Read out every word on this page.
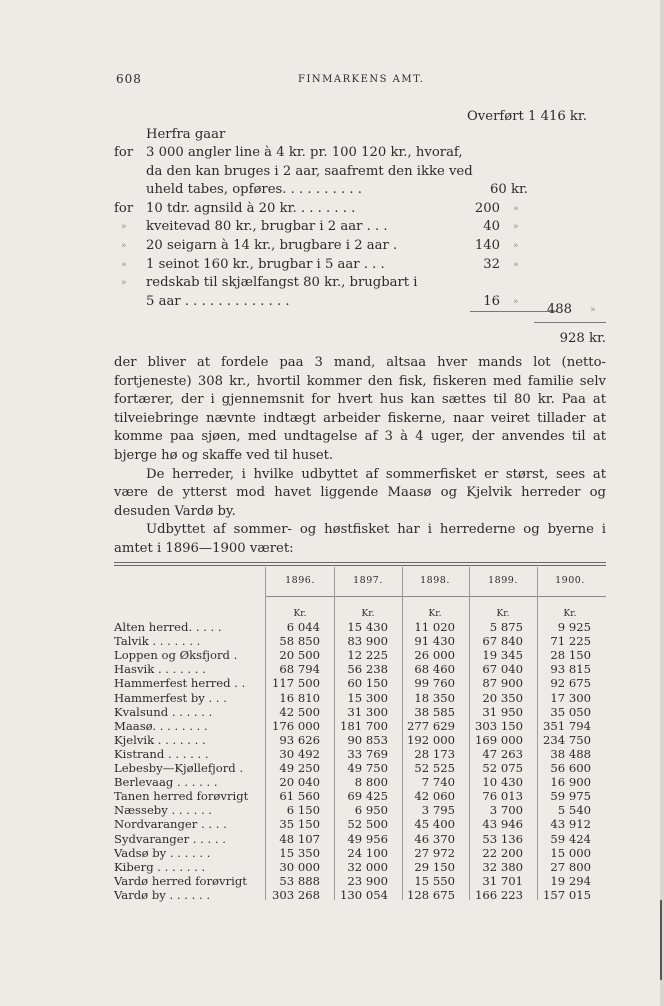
608	FINMARKENS AMT.
Overført 1 416 kr.
Herfra gaar
for 3 000 angler line à 4 kr. pr. 100 120 kr., hvoraf,
da den kan bruges i 2 aar, saafremt den ikke ved
uheld tabes, opføres. . . . . . . . . .	60 kr.
for 10 tdr. agnsild à 20 kr. . . . . . . .	200 »
» kveitevad 80 kr., brugbar i 2 aar . . .	40 »
» 20 seigarn à 14 kr., brugbare i 2 aar .	140 »
» 1 seinot 160 kr., brugbar i 5 aar . . .	32 »
» redskab til skjælfangst 80 kr., brugbart i
5 aar . . . . . . . . . . . . .	16 »
488 »
928 kr.

der bliver at fordele paa 3 mand, altsaa hver mands lot (netto-fortjeneste) 308 kr., hvortil kommer den fisk, fiskeren med familie selv fortærer, der i gjennemsnit for hvert hus kan sættes til 80 kr. Paa at tilveiebringe nævnte indtægt arbeider fiskerne, naar veiret tillader at komme paa sjøen, med undtagelse af 3 à 4 uger, der anvendes til at bjerge hø og skaffe ved til huset.

De herreder, i hvilke udbyttet af sommerfisket er størst, sees at være de ytterst mod havet liggende Maasø og Kjelvik herreder og desuden Vardø by.

Udbyttet af sommer- og høstfisket har i herrederne og byerne i amtet i 1896—1900 været:

1896.	1897.	1898.	1899.	1900.
Kr.	Kr.	Kr.	Kr.	Kr.
Alten herred. . . . .	6 044	15 430	11 020	5 875	9 925
Talvik . . . . . . .	58 850	83 900	91 430	67 840	71 225
Loppen og Øksfjord .	20 500	12 225	26 000	19 345	28 150
Hasvik . . . . . . .	68 794	56 238	68 460	67 040	93 815
Hammerfest herred . .	117 500	60 150	99 760	87 900	92 675
Hammerfest by . . .	16 810	15 300	18 350	20 350	17 300
Kvalsund . . . . . .	42 500	31 300	38 585	31 950	35 050
Maasø. . . . . . . .	176 000	181 700	277 629	303 150	351 794
Kjelvik . . . . . . .	93 626	90 853	192 000	169 000	234 750
Kistrand . . . . . .	30 492	33 769	28 173	47 263	38 488
Lebesby—Kjøllefjord .	49 250	49 750	52 525	52 075	56 600
Berlevaag . . . . . .	20 040	8 800	7 740	10 430	16 900
Tanen herred forøvrigt	61 560	69 425	42 060	76 013	59 975
Næsseby . . . . . .	6 150	6 950	3 795	3 700	5 540
Nordvaranger . . . .	35 150	52 500	45 400	43 946	43 912
Sydvaranger . . . . .	48 107	49 956	46 370	53 136	59 424
Vadsø by . . . . . .	15 350	24 100	27 972	22 200	15 000
Kiberg . . . . . . .	30 000	32 000	29 150	32 380	27 800
Vardø herred forøvrigt	53 888	23 900	15 550	31 701	19 294
Vardø by . . . . . .	303 268	130 054	128 675	166 223	157 015
